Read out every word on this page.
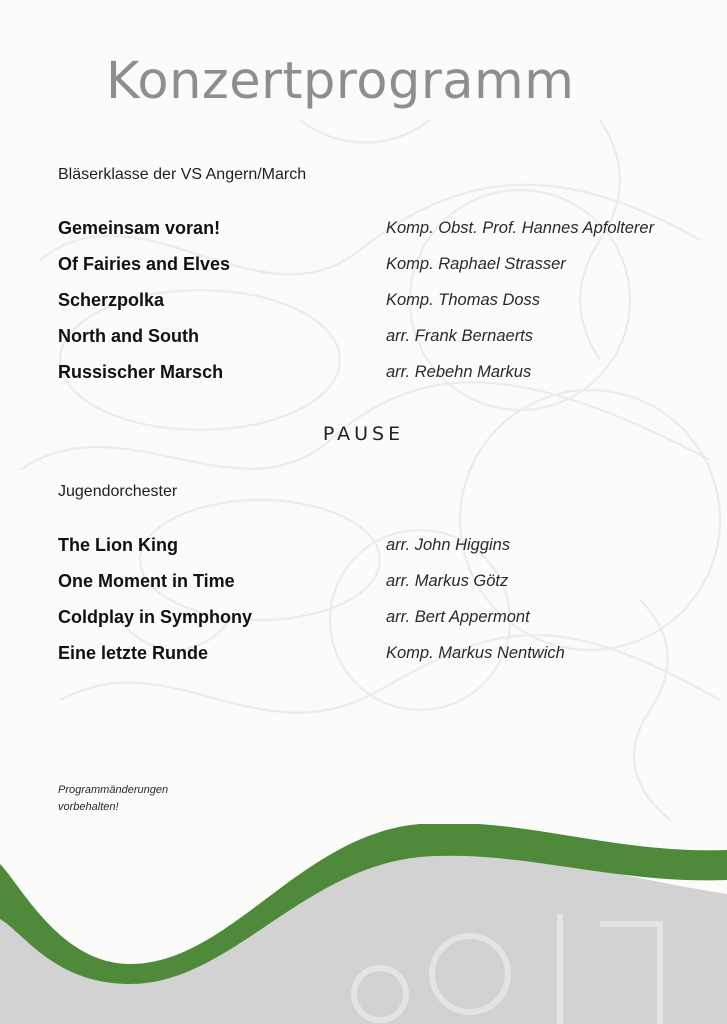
Konzertprogramm

Bläserklasse der VS Angern/March

Gemeinsam voran!	Komp. Obst. Prof. Hannes Apfolterer
Of Fairies and Elves	Komp. Raphael Strasser
Scherzpolka	Komp. Thomas Doss
North and South	arr. Frank Bernaerts
Russischer Marsch	arr. Rebehn Markus

PAUSE

Jugendorchester

The Lion King	arr. John Higgins
One Moment in Time	arr. Markus Götz
Coldplay in Symphony	arr. Bert Appermont
Eine letzte Runde	Komp. Markus Nentwich

Programmänderungen
vorbehalten!
